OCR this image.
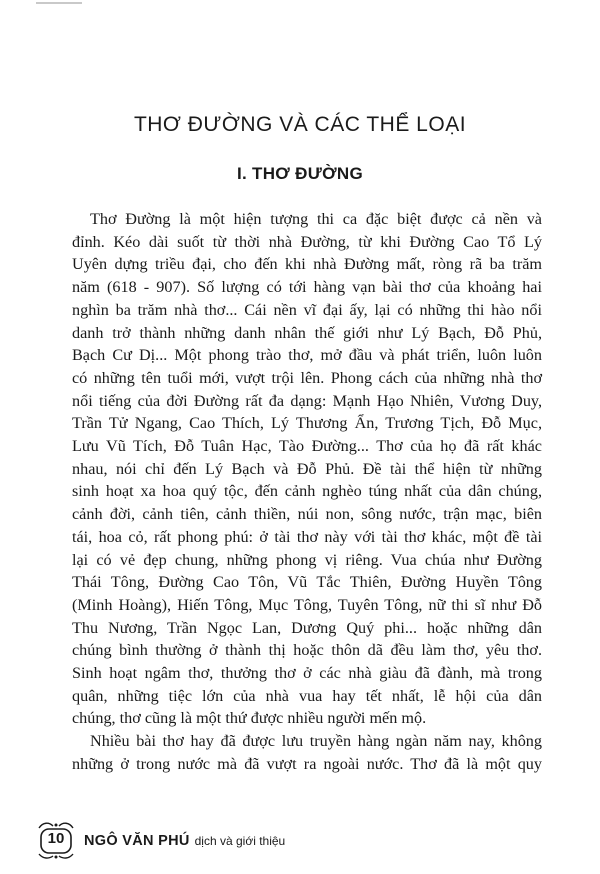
THƠ ĐƯỜNG VÀ CÁC THỂ LOẠI
I. THƠ ĐƯỜNG

Thơ Đường là một hiện tượng thi ca đặc biệt được cả nền và
đỉnh. Kéo dài suốt từ thời nhà Đường, từ khi Đường Cao Tổ Lý
Uyên dựng triều đại, cho đến khi nhà Đường mất, ròng rã ba trăm
năm (618 - 907). Số lượng có tới hàng vạn bài thơ của khoảng hai
nghìn ba trăm nhà thơ... Cái nền vĩ đại ấy, lại có những thi hào nổi
danh trở thành những danh nhân thế giới như Lý Bạch, Đỗ Phủ,
Bạch Cư Dị... Một phong trào thơ, mở đầu và phát triển, luôn luôn
có những tên tuổi mới, vượt trội lên. Phong cách của những nhà thơ
nổi tiếng của đời Đường rất đa dạng: Mạnh Hạo Nhiên, Vương Duy,
Trần Tử Ngang, Cao Thích, Lý Thương Ẩn, Trương Tịch, Đỗ Mục,
Lưu Vũ Tích, Đỗ Tuân Hạc, Tào Đường... Thơ của họ đã rất khác
nhau, nói chỉ đến Lý Bạch và Đỗ Phủ. Đề tài thể hiện từ những
sinh hoạt xa hoa quý tộc, đến cảnh nghèo túng nhất của dân chúng,
cảnh đời, cảnh tiên, cảnh thiền, núi non, sông nước, trận mạc, biên
tái, hoa cỏ, rất phong phú: ở tài thơ này với tài thơ khác, một đề tài
lại có vẻ đẹp chung, những phong vị riêng. Vua chúa như Đường
Thái Tông, Đường Cao Tôn, Vũ Tắc Thiên, Đường Huyền Tông
(Minh Hoàng), Hiến Tông, Mục Tông, Tuyên Tông, nữ thi sĩ như Đỗ
Thu Nương, Trần Ngọc Lan, Dương Quý phi... hoặc những dân
chúng bình thường ở thành thị hoặc thôn dã đều làm thơ, yêu thơ.
Sinh hoạt ngâm thơ, thưởng thơ ở các nhà giàu đã đành, mà trong
quân, những tiệc lớn của nhà vua hay tết nhất, lễ hội của dân
chúng, thơ cũng là một thứ được nhiều người mến mộ.

Nhiều bài thơ hay đã được lưu truyền hàng ngàn năm nay, không
những ở trong nước mà đã vượt ra ngoài nước. Thơ đã là một quy

10	NGÔ VĂN PHÚ dịch và giới thiệu
